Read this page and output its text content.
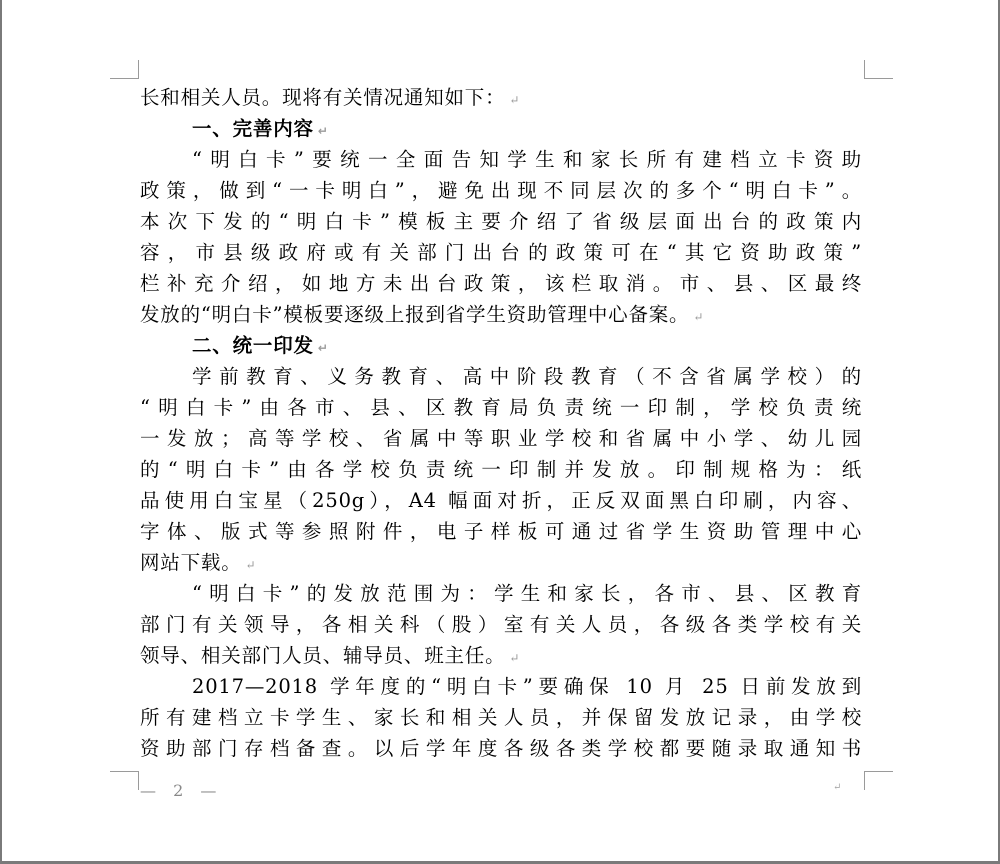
长和相关人员。现将有关情况通知如下： ↵
一、完善内容 ↵
“明白卡”要统一全面告知学生和家长所有建档立卡资助
政策，做到“一卡明白”，避免出现不同层次的多个“明白卡”。
本次下发的“明白卡”模板主要介绍了省级层面出台的政策内
容，市县级政府或有关部门出台的政策可在“其它资助政策”
栏补充介绍，如地方未出台政策，该栏取消。市、县、区最终
发放的“明白卡”模板要逐级上报到省学生资助管理中心备案。 ↵
二、统一印发 ↵
学前教育、义务教育、高中阶段教育（不含省属学校）的
“明白卡”由各市、县、区教育局负责统一印制，学校负责统
一发放；高等学校、省属中等职业学校和省属中小学、幼儿园
的“明白卡”由各学校负责统一印制并发放。印制规格为：纸
品使用白宝星（250g），A4 幅面对折，正反双面黑白印刷，内容、
字体、版式等参照附件，电子样板可通过省学生资助管理中心
网站下载。 ↵
“明白卡”的发放范围为：学生和家长，各市、县、区教育
部门有关领导，各相关科（股）室有关人员，各级各类学校有关
领导、相关部门人员、辅导员、班主任。 ↵
2017—2018 学年度的“明白卡”要确保 10 月 25 日前发放到
所有建档立卡学生、家长和相关人员，并保留发放记录，由学校
资助部门存档备查。以后学年度各级各类学校都要随录取通知书
— 2 —	↵
